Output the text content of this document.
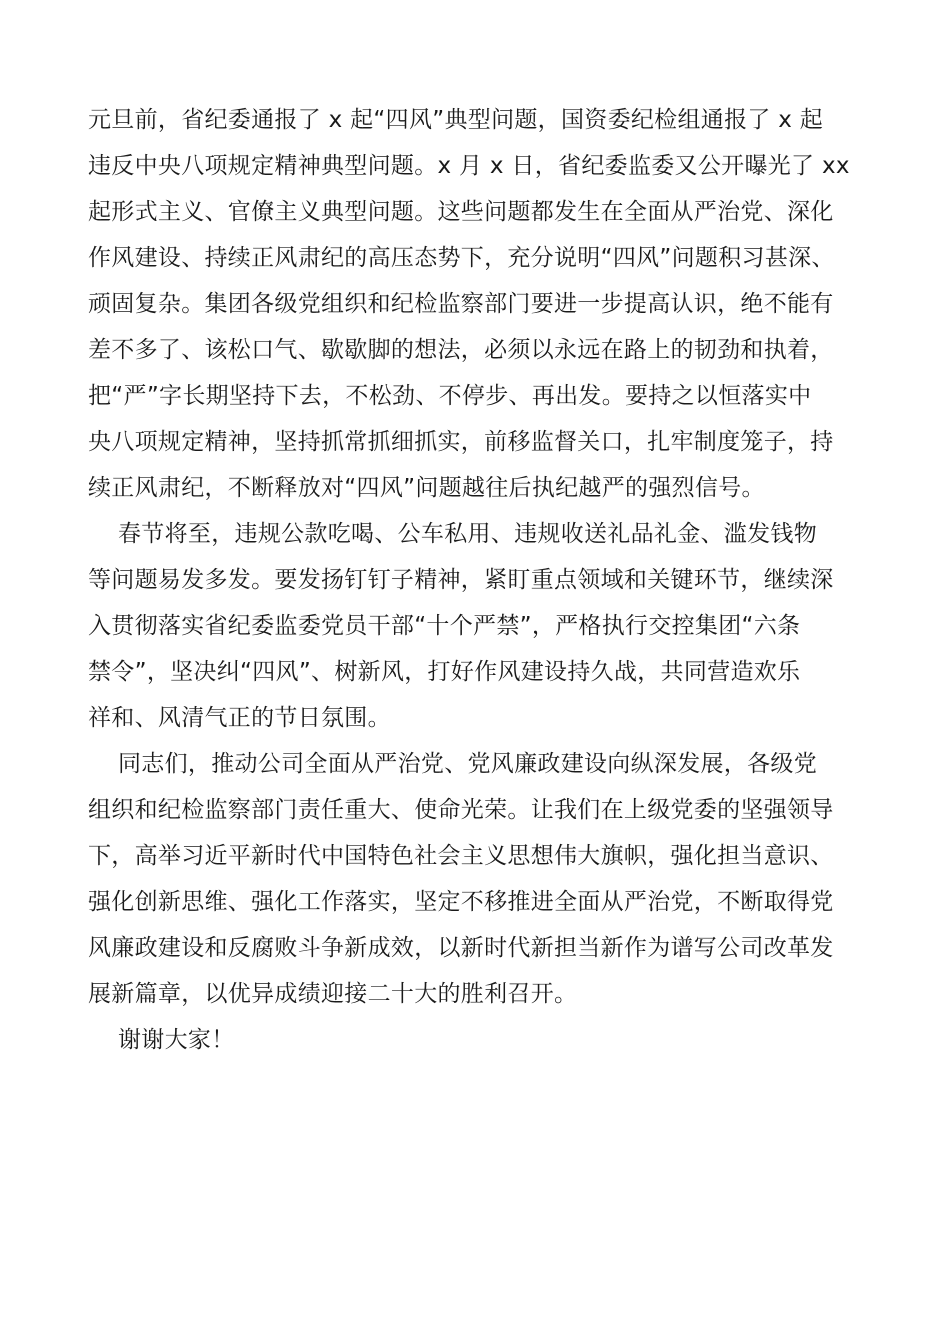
元旦前，省纪委通报了 x 起“四风”典型问题，国资委纪检组通报了 x 起
违反中央八项规定精神典型问题。x 月 x 日，省纪委监委又公开曝光了 xx
起形式主义、官僚主义典型问题。这些问题都发生在全面从严治党、深化
作风建设、持续正风肃纪的高压态势下，充分说明“四风”问题积习甚深、
顽固复杂。集团各级党组织和纪检监察部门要进一步提高认识，绝不能有
差不多了、该松口气、歇歇脚的想法，必须以永远在路上的韧劲和执着，
把“严”字长期坚持下去，不松劲、不停步、再出发。要持之以恒落实中
央八项规定精神，坚持抓常抓细抓实，前移监督关口，扎牢制度笼子，持
续正风肃纪，不断释放对“四风”问题越往后执纪越严的强烈信号。
春节将至，违规公款吃喝、公车私用、违规收送礼品礼金、滥发钱物
等问题易发多发。要发扬钉钉子精神，紧盯重点领域和关键环节，继续深
入贯彻落实省纪委监委党员干部“十个严禁”，严格执行交控集团“六条
禁令”，坚决纠“四风”、树新风，打好作风建设持久战，共同营造欢乐
祥和、风清气正的节日氛围。
同志们，推动公司全面从严治党、党风廉政建设向纵深发展，各级党
组织和纪检监察部门责任重大、使命光荣。让我们在上级党委的坚强领导
下，高举习近平新时代中国特色社会主义思想伟大旗帜，强化担当意识、
强化创新思维、强化工作落实，坚定不移推进全面从严治党，不断取得党
风廉政建设和反腐败斗争新成效，以新时代新担当新作为谱写公司改革发
展新篇章，以优异成绩迎接二十大的胜利召开。
谢谢大家！
